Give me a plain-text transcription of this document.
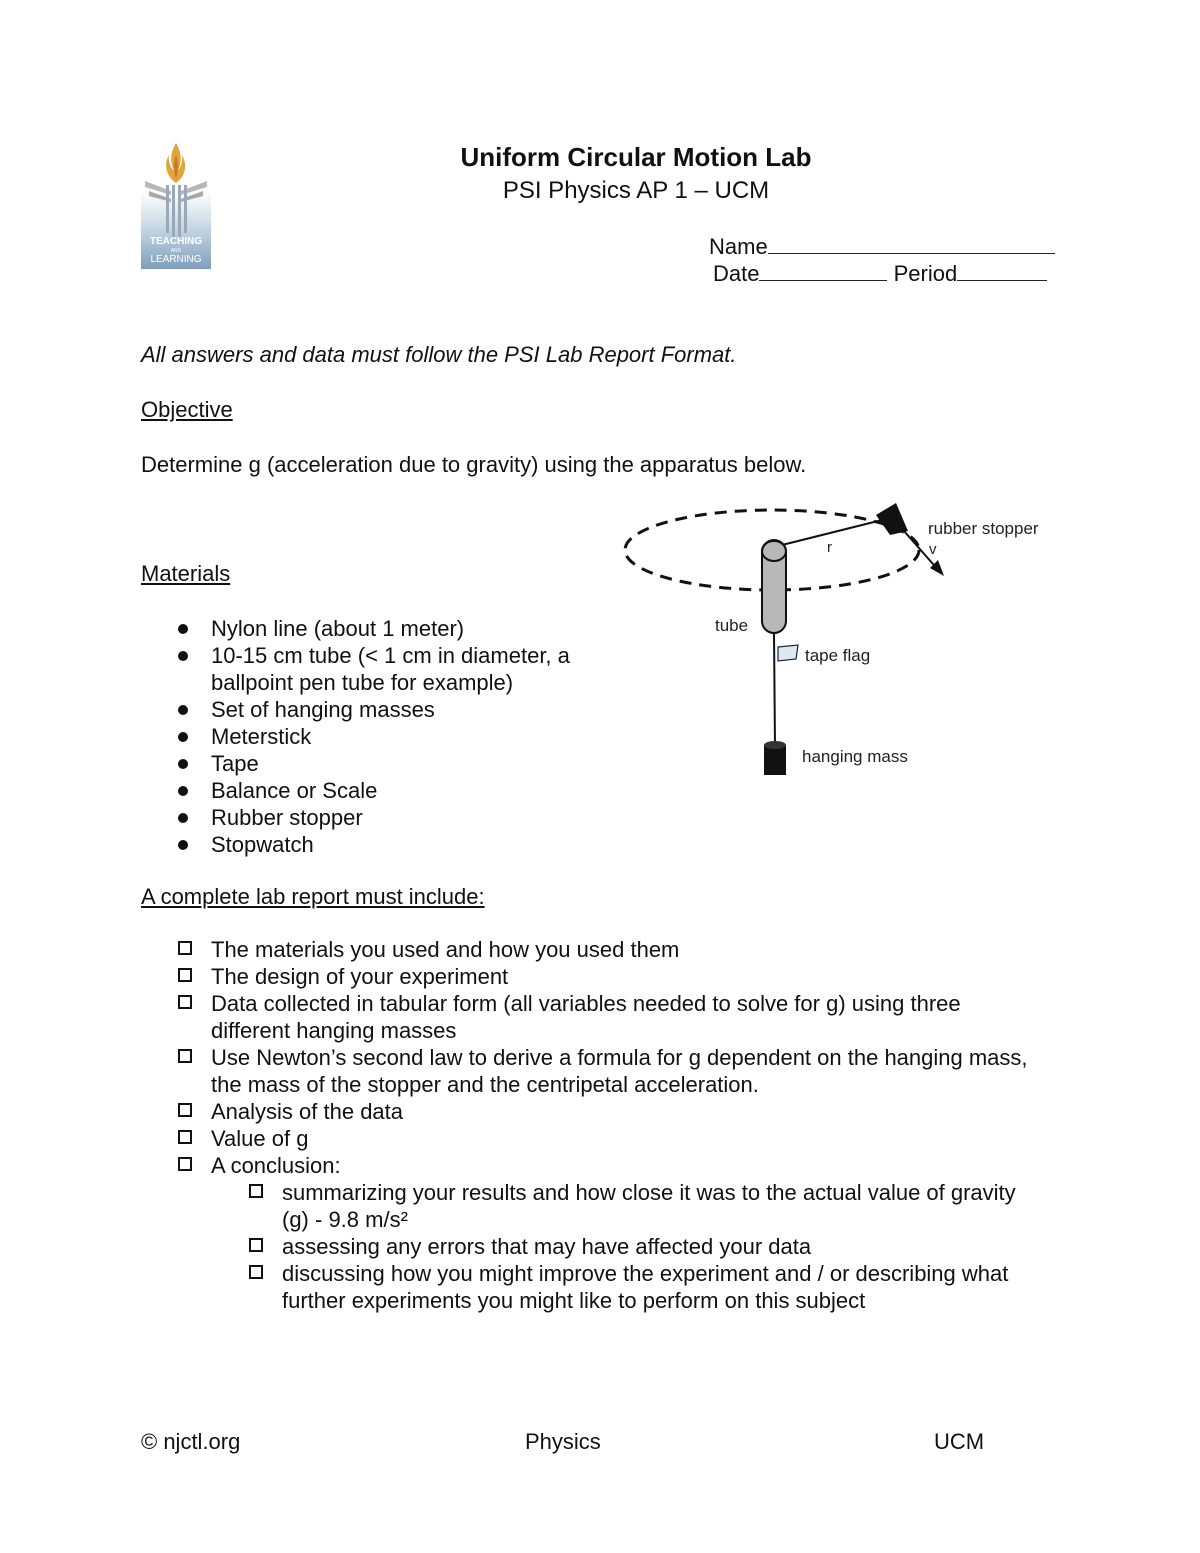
TEACHING
AND
LEARNING
Uniform Circular Motion Lab
PSI Physics AP 1 – UCM
Name
Date	Period
All answers and data must follow the PSI Lab Report Format.
Objective
Determine g (acceleration due to gravity) using the apparatus below.
rubber stopper
r	v
tube
tape flag
hanging mass
Materials
Nylon line (about 1 meter)
10-15 cm tube (< 1 cm in diameter, a ballpoint pen tube for example)
Set of hanging masses
Meterstick
Tape
Balance or Scale
Rubber stopper
Stopwatch
A complete lab report must include:
The materials you used and how you used them
The design of your experiment
Data collected in tabular form (all variables needed to solve for g) using three different hanging masses
Use Newton’s second law to derive a formula for g dependent on the hanging mass, the mass of the stopper and the centripetal acceleration.
Analysis of the data
Value of g
A conclusion:
summarizing your results and how close it was to the actual value of gravity (g) - 9.8 m/s²
assessing any errors that may have affected your data
discussing how you might improve the experiment and / or describing what further experiments you might like to perform on this subject
© njctl.org	Physics	UCM
